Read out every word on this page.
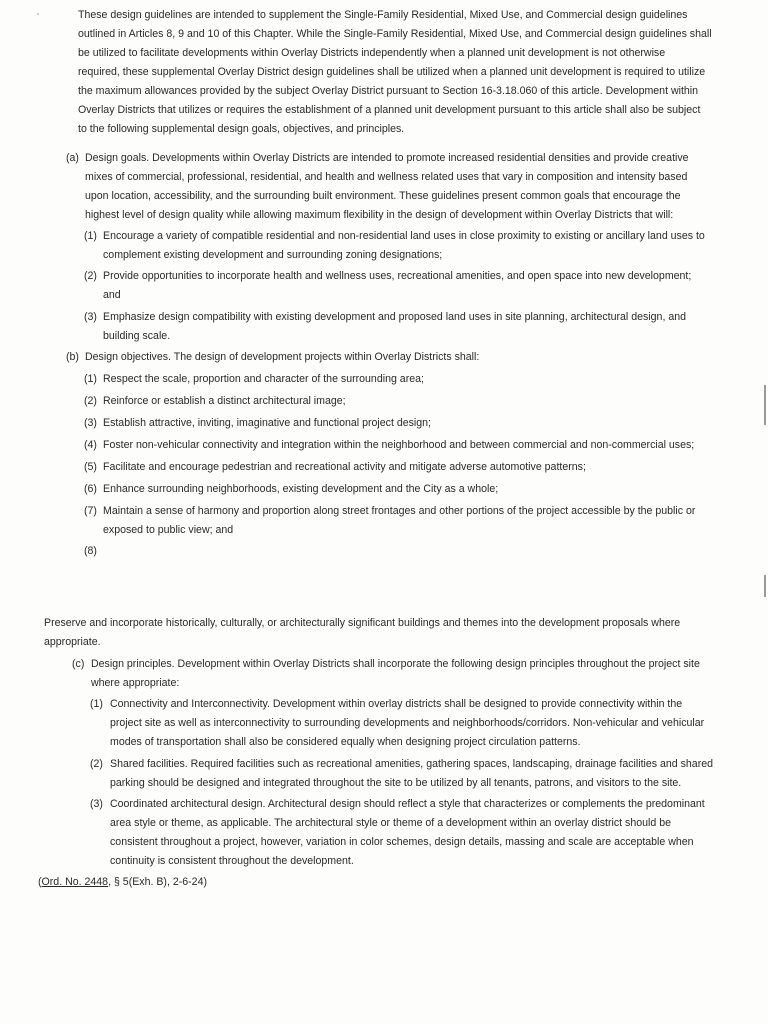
These design guidelines are intended to supplement the Single-Family Residential, Mixed Use, and Commercial design guidelines
outlined in Articles 8, 9 and 10 of this Chapter. While the Single-Family Residential, Mixed Use, and Commercial design guidelines shall
be utilized to facilitate developments within Overlay Districts independently when a planned unit development is not otherwise
required, these supplemental Overlay District design guidelines shall be utilized when a planned unit development is required to utilize
the maximum allowances provided by the subject Overlay District pursuant to Section 16-3.18.060 of this article. Development within
Overlay Districts that utilizes or requires the establishment of a planned unit development pursuant to this article shall also be subject
to the following supplemental design goals, objectives, and principles.
(a) Design goals. Developments within Overlay Districts are intended to promote increased residential densities and provide creative
mixes of commercial, professional, residential, and health and wellness related uses that vary in composition and intensity based
upon location, accessibility, and the surrounding built environment. These guidelines present common goals that encourage the
highest level of design quality while allowing maximum flexibility in the design of development within Overlay Districts that will:
(1) Encourage a variety of compatible residential and non-residential land uses in close proximity to existing or ancillary land uses to
complement existing development and surrounding zoning designations;
(2) Provide opportunities to incorporate health and wellness uses, recreational amenities, and open space into new development;
and
(3) Emphasize design compatibility with existing development and proposed land uses in site planning, architectural design, and
building scale.
(b) Design objectives. The design of development projects within Overlay Districts shall:
(1) Respect the scale, proportion and character of the surrounding area;
(2) Reinforce or establish a distinct architectural image;
(3) Establish attractive, inviting, imaginative and functional project design;
(4) Foster non-vehicular connectivity and integration within the neighborhood and between commercial and non-commercial uses;
(5) Facilitate and encourage pedestrian and recreational activity and mitigate adverse automotive patterns;
(6) Enhance surrounding neighborhoods, existing development and the City as a whole;
(7) Maintain a sense of harmony and proportion along street frontages and other portions of the project accessible by the public or
exposed to public view; and
(8)
Preserve and incorporate historically, culturally, or architecturally significant buildings and themes into the development proposals where
appropriate.
(c) Design principles. Development within Overlay Districts shall incorporate the following design principles throughout the project site
where appropriate:
(1) Connectivity and Interconnectivity. Development within overlay districts shall be designed to provide connectivity within the
project site as well as interconnectivity to surrounding developments and neighborhoods/corridors. Non-vehicular and vehicular
modes of transportation shall also be considered equally when designing project circulation patterns.
(2) Shared facilities. Required facilities such as recreational amenities, gathering spaces, landscaping, drainage facilities and shared
parking should be designed and integrated throughout the site to be utilized by all tenants, patrons, and visitors to the site.
(3) Coordinated architectural design. Architectural design should reflect a style that characterizes or complements the predominant
area style or theme, as applicable. The architectural style or theme of a development within an overlay district should be
consistent throughout a project, however, variation in color schemes, design details, massing and scale are acceptable when
continuity is consistent throughout the development.
(Ord. No. 2448, § 5(Exh. B), 2-6-24)
